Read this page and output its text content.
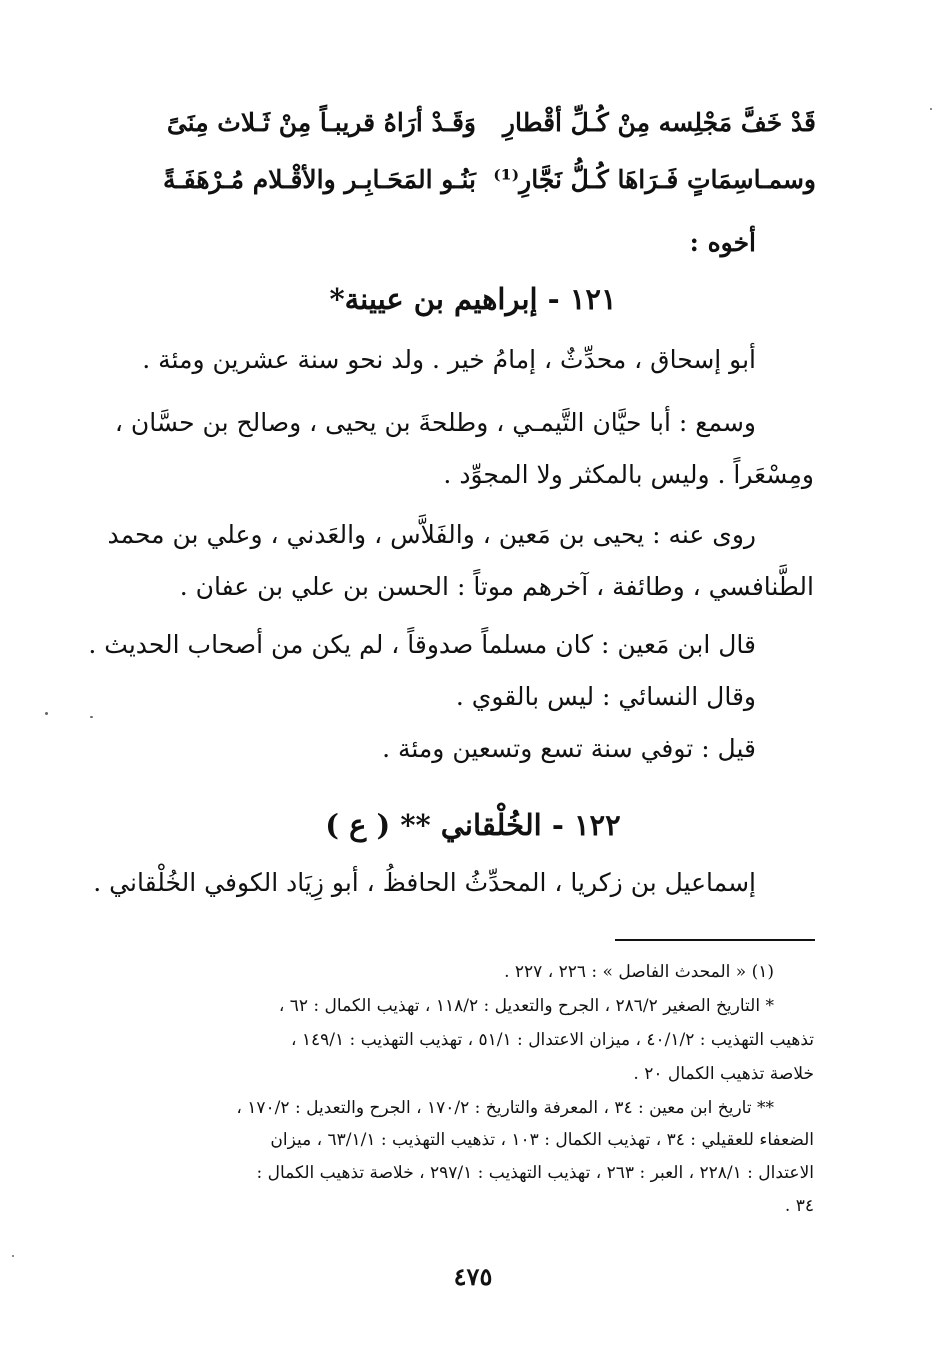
قَدْ خَفَّ مَجْلِسه مِنْ كُـلِّ أقْطارِ
وَقَـدْ أرَاهُ قريبـاً مِنْ ثَـلاث مِنَىً
وسمـاسِمَاتٍ فَـرَاهَا كُـلُّ نَجَّارِ⁽¹⁾
بَنُـو المَحَـابِـر والأقْـلام مُـرْهَفَـةً
أخوه :
١٢١ - إبراهيم بن عيينة*
أبو إسحاق ، محدِّثٌ ، إمامُ خير . ولد نحو سنة عشرين ومئة .
وسمع : أبا حيَّان التَّيمـي ، وطلحةَ بن يحيى ، وصالح بن حسَّان ،
ومِسْعَراً . وليس بالمكثر ولا المجوِّد .
روى عنه : يحيى بن مَعين ، والفَلاَّس ، والعَدني ، وعلي بن محمد
الطَّنافسي ، وطائفة ، آخرهم موتاً : الحسن بن علي بن عفان .
قال ابن مَعين : كان مسلماً صدوقاً ، لم يكن من أصحاب الحديث .
وقال النسائي : ليس بالقوي .
قيل : توفي سنة تسع وتسعين ومئة .
١٢٢ - الخُلْقاني ** ( ع )
إسماعيل بن زكريا ، المحدِّثُ الحافظُ ، أبو زِيَاد الكوفي الخُلْقاني .
(١) « المحدث الفاصل » : ٢٢٦ ، ٢٢٧ .
* التاريخ الصغير ٢٨٦/٢ ، الجرح والتعديل : ١١٨/٢ ، تهذيب الكمال : ٦٢ ،
تذهيب التهذيب : ٤٠/١/٢ ، ميزان الاعتدال : ٥١/١ ، تهذيب التهذيب : ١٤٩/١ ،
خلاصة تذهيب الكمال ٢٠ .
** تاريخ ابن معين : ٣٤ ، المعرفة والتاريخ : ١٧٠/٢ ، الجرح والتعديل : ١٧٠/٢ ،
الضعفاء للعقيلي : ٣٤ ، تهذيب الكمال : ١٠٣ ، تذهيب التهذيب : ٦٣/١/١ ، ميزان
الاعتدال : ٢٢٨/١ ، العبر : ٢٦٣ ، تهذيب التهذيب : ٢٩٧/١ ، خلاصة تذهيب الكمال :
٣٤ .
٤٧٥
